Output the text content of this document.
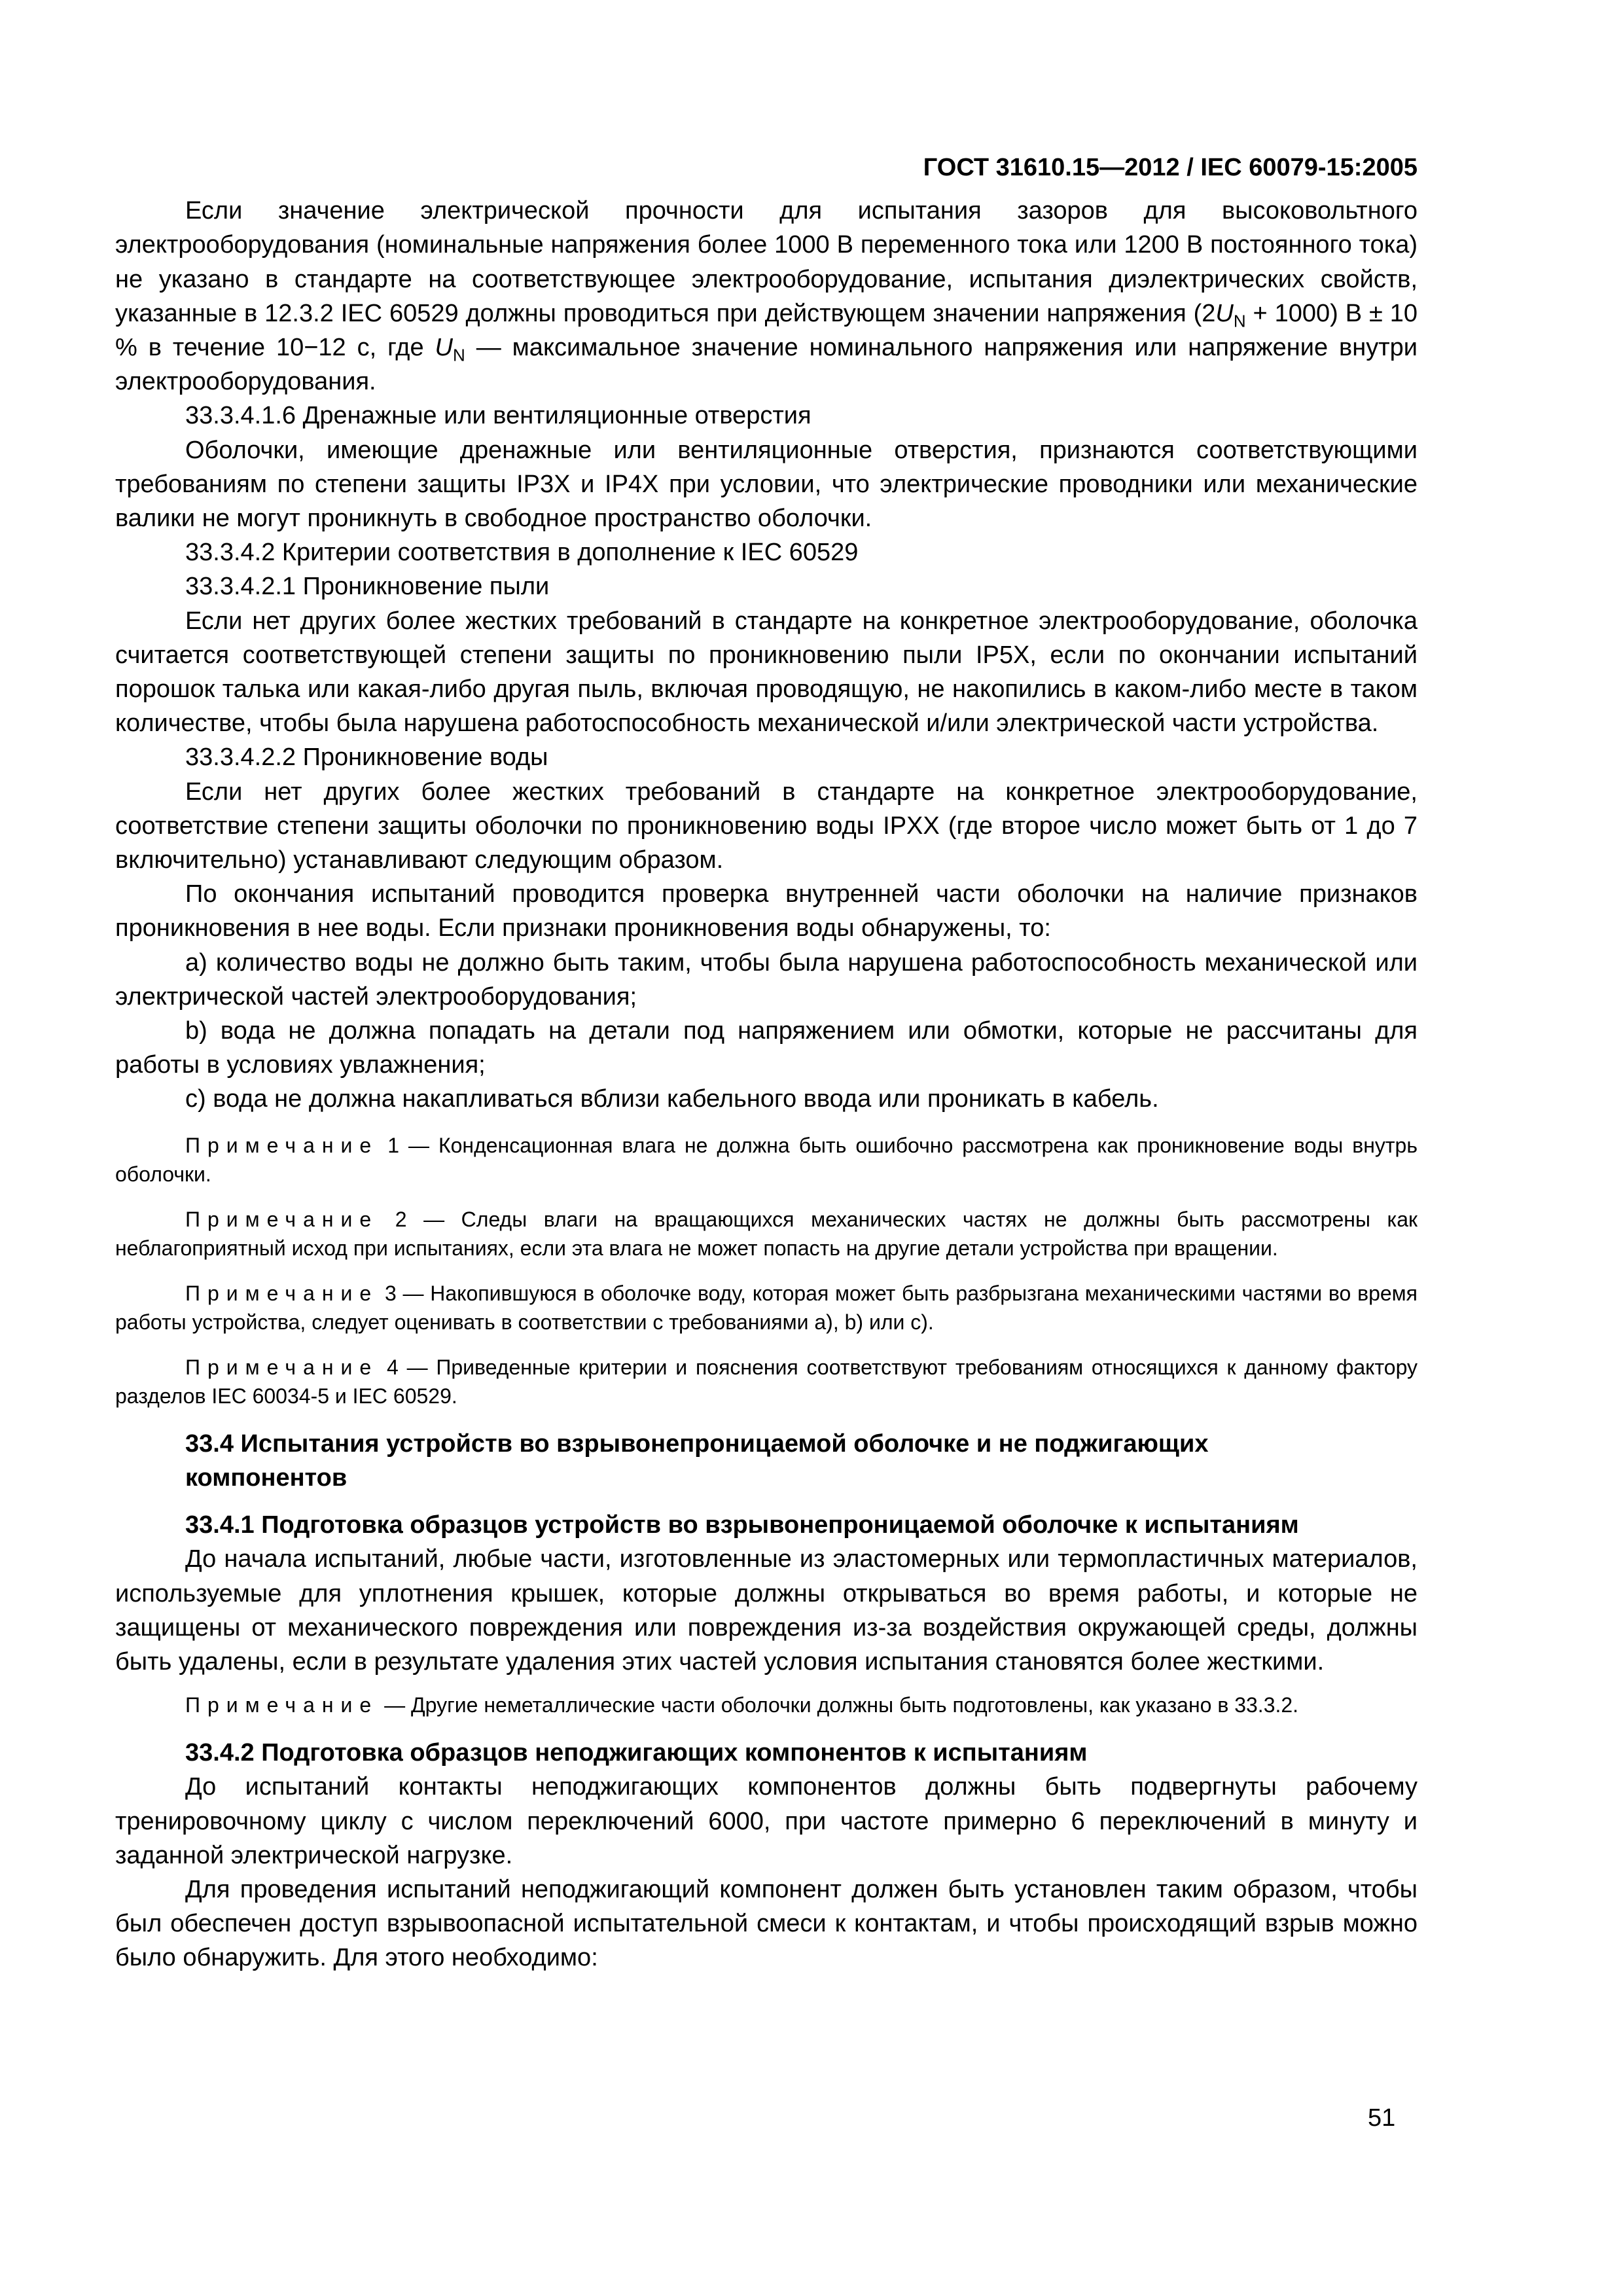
ГОСТ 31610.15—2012 / IEC 60079-15:2005

Если значение электрической прочности для испытания зазоров для высоковольтного электрооборудования (номинальные напряжения более 1000 В переменного тока или 1200 В постоянного тока) не указано в стандарте на соответствующее электрооборудование, испытания диэлектрических свойств, указанные в 12.3.2 IEC 60529 должны проводиться при действующем значении напряжения $(2U_N + 1000) В \pm 10$ % в течение 10−12 с, где $U_N$ — максимальное значение номинального напряжения или напряжение внутри электрооборудования.

33.3.4.1.6 Дренажные или вентиляционные отверстия

Оболочки, имеющие дренажные или вентиляционные отверстия, признаются соответствующими требованиям по степени защиты IP3X и IP4X при условии, что электрические проводники или механические валики не могут проникнуть в свободное пространство оболочки.

33.3.4.2 Критерии соответствия в дополнение к IEC 60529

33.3.4.2.1 Проникновение пыли

Если нет других более жестких требований в стандарте на конкретное электрооборудование, оболочка считается соответствующей степени защиты по проникновению пыли IP5X, если по окончании испытаний порошок талька или какая-либо другая пыль, включая проводящую, не накопились в каком-либо месте в таком количестве, чтобы была нарушена работоспособность механической и/или электрической части устройства.

33.3.4.2.2 Проникновение воды

Если нет других более жестких требований в стандарте на конкретное электрооборудование, соответствие степени защиты оболочки по проникновению воды IPXX (где второе число может быть от 1 до 7 включительно) устанавливают следующим образом.

По окончания испытаний проводится проверка внутренней части оболочки на наличие признаков проникновения в нее воды. Если признаки проникновения воды обнаружены, то:

а) количество воды не должно быть таким, чтобы была нарушена работоспособность механической или электрической частей электрооборудования;

b) вода не должна попадать на детали под напряжением или обмотки, которые не рассчитаны для работы в условиях увлажнения;

с) вода не должна накапливаться вблизи кабельного ввода или проникать в кабель.

Примечание 1 — Конденсационная влага не должна быть ошибочно рассмотрена как проникновение воды внутрь оболочки.

Примечание 2 — Следы влаги на вращающихся механических частях не должны быть рассмотрены как неблагоприятный исход при испытаниях, если эта влага не может попасть на другие детали устройства при вращении.

Примечание 3 — Накопившуюся в оболочке воду, которая может быть разбрызгана механическими частями во время работы устройства, следует оценивать в соответствии с требованиями а), b) или с).

Примечание 4 — Приведенные критерии и пояснения соответствуют требованиям относящихся к данному фактору разделов IEC 60034-5 и IEC 60529.

33.4 Испытания устройств во взрывонепроницаемой оболочке и не поджигающих компонентов

33.4.1 Подготовка образцов устройств во взрывонепроницаемой оболочке к испытаниям

До начала испытаний, любые части, изготовленные из эластомерных или термопластичных материалов, используемые для уплотнения крышек, которые должны открываться во время работы, и которые не защищены от механического повреждения или повреждения из-за воздействия окружающей среды, должны быть удалены, если в результате удаления этих частей условия испытания становятся более жесткими.

Примечание — Другие неметаллические части оболочки должны быть подготовлены, как указано в 33.3.2.

33.4.2 Подготовка образцов неподжигающих компонентов к испытаниям

До испытаний контакты неподжигающих компонентов должны быть подвергнуты рабочему тренировочному циклу с числом переключений 6000, при частоте примерно 6 переключений в минуту и заданной электрической нагрузке.

Для проведения испытаний неподжигающий компонент должен быть установлен таким образом, чтобы был обеспечен доступ взрывоопасной испытательной смеси к контактам, и чтобы происходящий взрыв можно было обнаружить. Для этого необходимо:

51
